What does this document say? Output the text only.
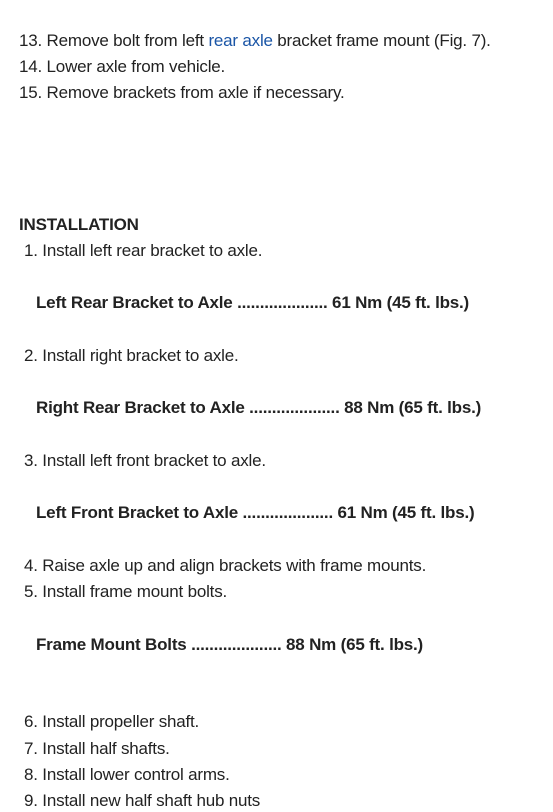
13. Remove bolt from left rear axle bracket frame mount (Fig. 7).
14. Lower axle from vehicle.
15. Remove brackets from axle if necessary.
INSTALLATION
1. Install left rear bracket to axle.
Left Rear Bracket to Axle .................... 61 Nm (45 ft. lbs.)
2. Install right bracket to axle.
Right Rear Bracket to Axle .................... 88 Nm (65 ft. lbs.)
3. Install left front bracket to axle.
Left Front Bracket to Axle .................... 61 Nm (45 ft. lbs.)
4. Raise axle up and align brackets with frame mounts.
5. Install frame mount bolts.
Frame Mount Bolts .................... 88 Nm (65 ft. lbs.)
6. Install propeller shaft.
7. Install half shafts.
8. Install lower control arms.
9. Install new half shaft hub nuts
